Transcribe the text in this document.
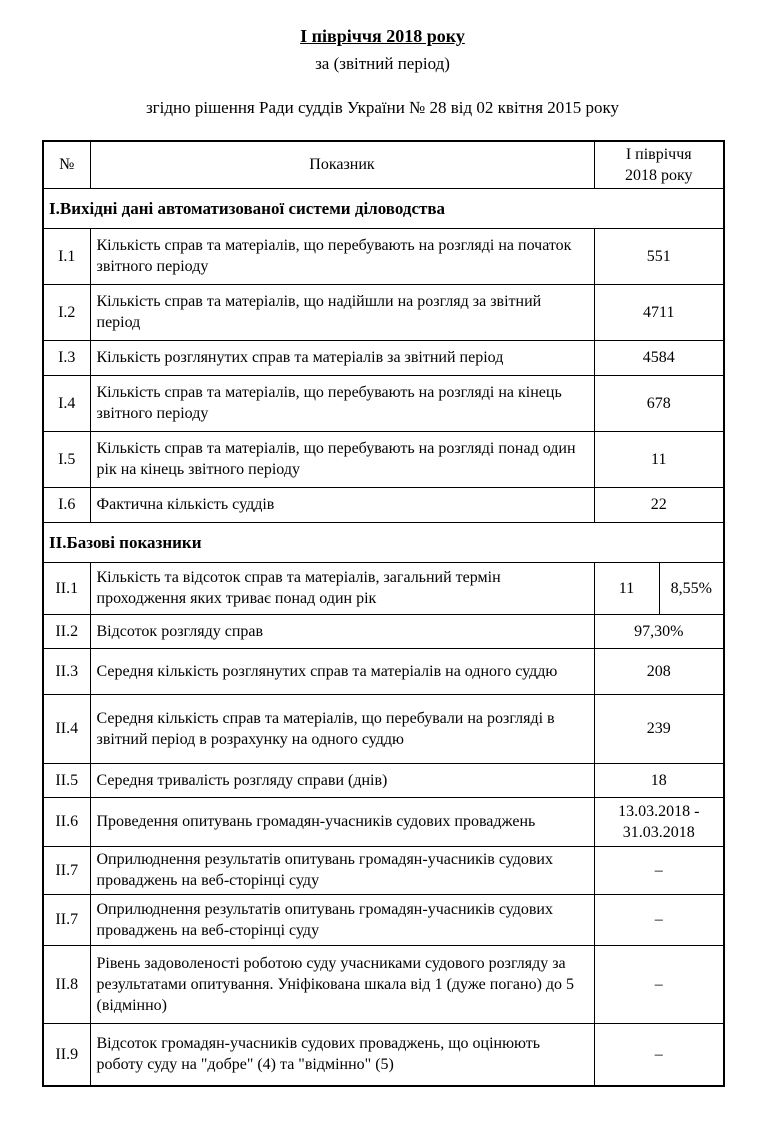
І півріччя 2018 року
за (звітний період)
згідно рішення Ради суддів України № 28 від 02 квітня 2015 року
№	Показник	І півріччя 2018 року	
І.Вихідні дані автоматизованої системи діловодства			
І.1	Кількість справ та матеріалів, що перебувають на розгляді на початок звітного періоду	551	
І.2	Кількість справ та матеріалів, що надійшли на розгляд за звітний період	4711	
І.3	Кількість розглянутих справ та матеріалів за звітний період	4584	
І.4	Кількість справ та матеріалів, що перебувають на розгляді на кінець звітного періоду	678	
І.5	Кількість справ та матеріалів, що перебувають на розгляді понад один рік на кінець звітного періоду	11	
І.6	Фактична кількість суддів	22	
ІІ.Базові показники			
ІІ.1	Кількість та відсоток справ та матеріалів, загальний термін проходження яких триває понад один рік	11	8,55%
ІІ.2	Відсоток розгляду справ	97,30%	
ІІ.3	Середня кількість розглянутих справ та матеріалів на одного суддю	208	
ІІ.4	Середня кількість справ та матеріалів, що перебували на розгляді в звітний період в розрахунку на одного суддю	239	
ІІ.5	Середня тривалість розгляду справи (днів)	18	
ІІ.6	Проведення опитувань громадян-учасників судових проваджень	13.03.2018 - 31.03.2018	
ІІ.7	Оприлюднення результатів опитувань громадян-учасників судових проваджень на веб-сторінці суду	–	
ІІ.7	Оприлюднення результатів опитувань громадян-учасників судових проваджень на веб-сторінці суду	–	
ІІ.8	Рівень задоволеності роботою суду учасниками судового розгляду за результатами опитування. Уніфікована шкала від 1 (дуже погано) до 5 (відмінно)	–	
ІІ.9	Відсоток громадян-учасників судових проваджень, що оцінюють роботу суду на "добре" (4) та "відмінно" (5)	–	
